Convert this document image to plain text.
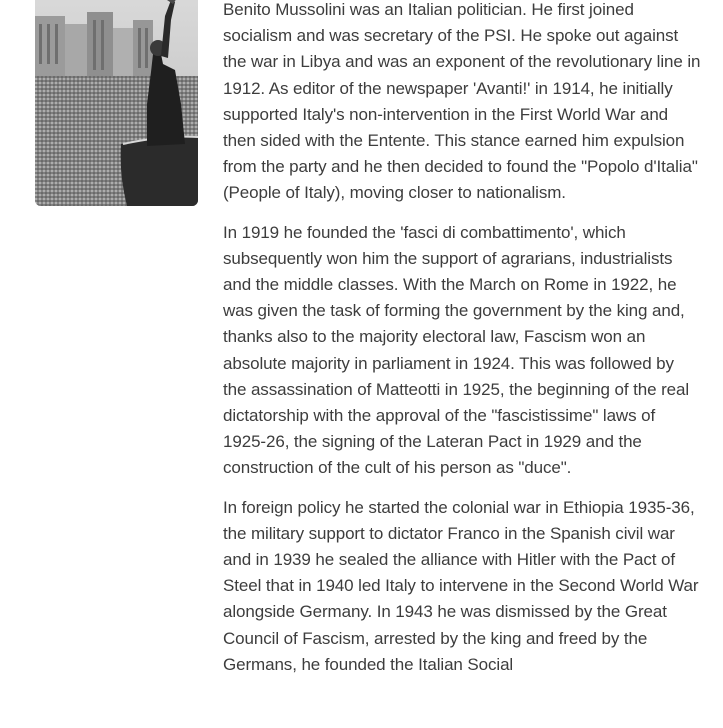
Benito Mussolini was an Italian politician. He first joined socialism and was secretary of the PSI. He spoke out against the war in Libya and was an exponent of the revolutionary line in 1912. As editor of the newspaper 'Avanti!' in 1914, he initially supported Italy's non-intervention in the First World War and then sided with the Entente. This stance earned him expulsion from the party and he then decided to found the "Popolo d'Italia" (People of Italy), moving closer to nationalism.

In 1919 he founded the 'fasci di combattimento', which subsequently won him the support of agrarians, industrialists and the middle classes. With the March on Rome in 1922, he was given the task of forming the government by the king and, thanks also to the majority electoral law, Fascism won an absolute majority in parliament in 1924. This was followed by the assassination of Matteotti in 1925, the beginning of the real dictatorship with the approval of the "fascistissime" laws of 1925-26, the signing of the Lateran Pact in 1929 and the construction of the cult of his person as "duce".

In foreign policy he started the colonial war in Ethiopia 1935-36, the military support to dictator Franco in the Spanish civil war and in 1939 he sealed the alliance with Hitler with the Pact of Steel that in 1940 led Italy to intervene in the Second World War alongside Germany. In 1943 he was dismissed by the Great Council of Fascism, arrested by the king and freed by the Germans, he founded the Italian Social
